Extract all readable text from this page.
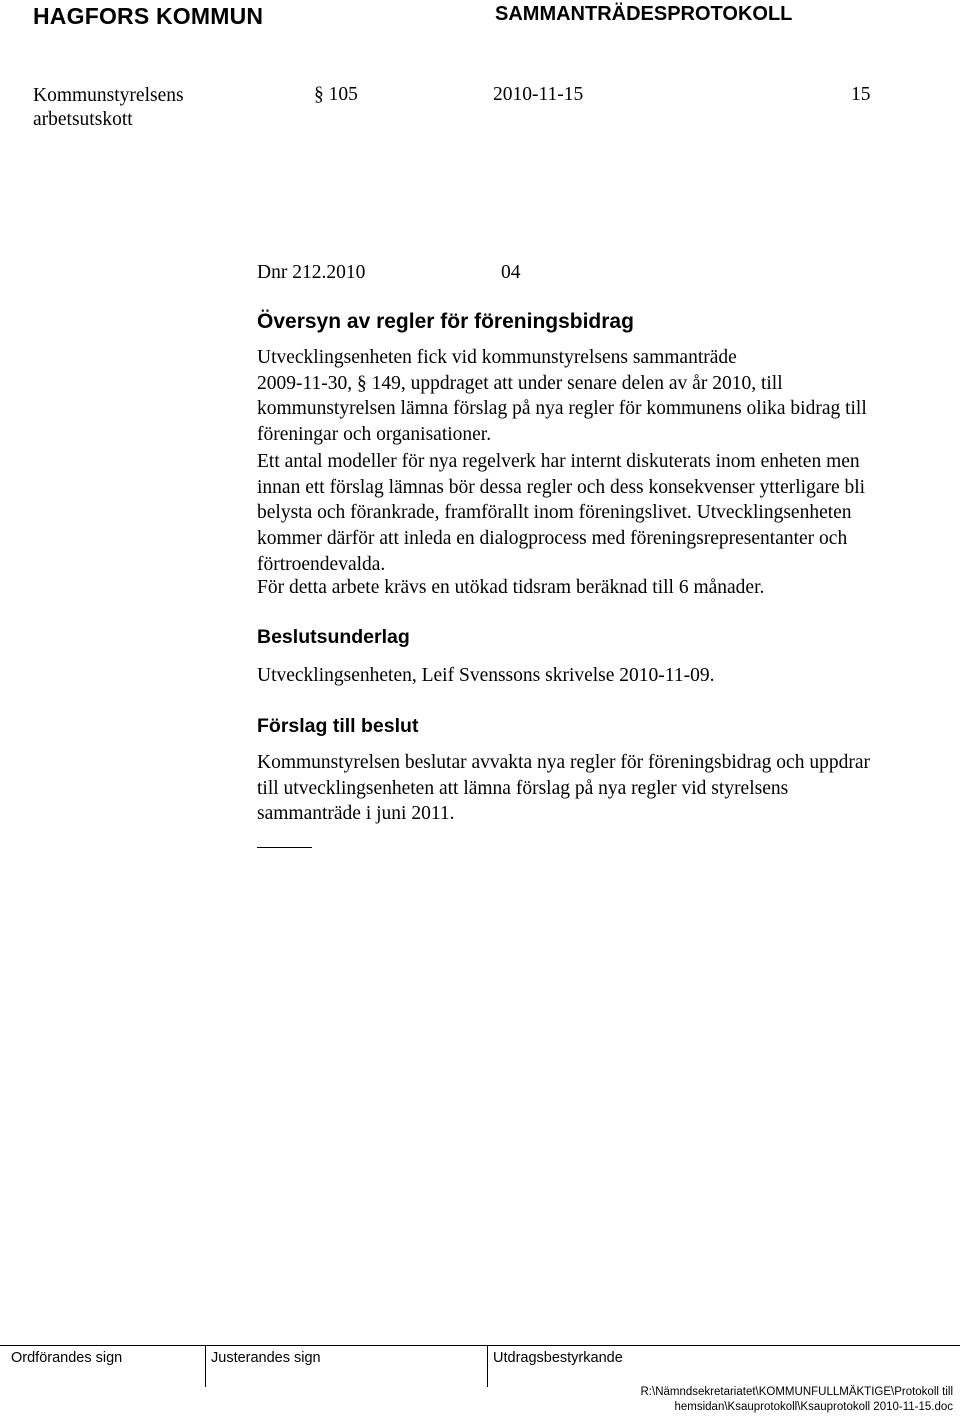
HAGFORS KOMMUN	SAMMANTRÄDESPROTOKOLL
Kommunstyrelsens
arbetsutskott
§ 105	2010-11-15	15
Dnr 212.2010	04
Översyn av regler för föreningsbidrag
Utvecklingsenheten fick vid kommunstyrelsens sammanträde
2009-11-30, § 149, uppdraget att under senare delen av år 2010, till
kommunstyrelsen lämna förslag på nya regler för kommunens olika bidrag till
föreningar och organisationer.
Ett antal modeller för nya regelverk har internt diskuterats inom enheten men
innan ett förslag lämnas bör dessa regler och dess konsekvenser ytterligare bli
belysta och förankrade, framförallt inom föreningslivet. Utvecklingsenheten
kommer därför att inleda en dialogprocess med föreningsrepresentanter och
förtroendevalda.
För detta arbete krävs en utökad tidsram beräknad till 6 månader.
Beslutsunderlag
Utvecklingsenheten, Leif Svenssons skrivelse 2010-11-09.
Förslag till beslut
Kommunstyrelsen beslutar avvakta nya regler för föreningsbidrag och uppdrar
till utvecklingsenheten att lämna förslag på nya regler vid styrelsens
sammanträde i juni 2011.
Ordförandes sign	Justerandes sign	Utdragsbestyrkande
R:\Nämndsekretariatet\KOMMUNFULLMÄKTIGE\Protokoll till hemsidan\Ksauprotokoll\Ksauprotokoll 2010-11-15.doc
